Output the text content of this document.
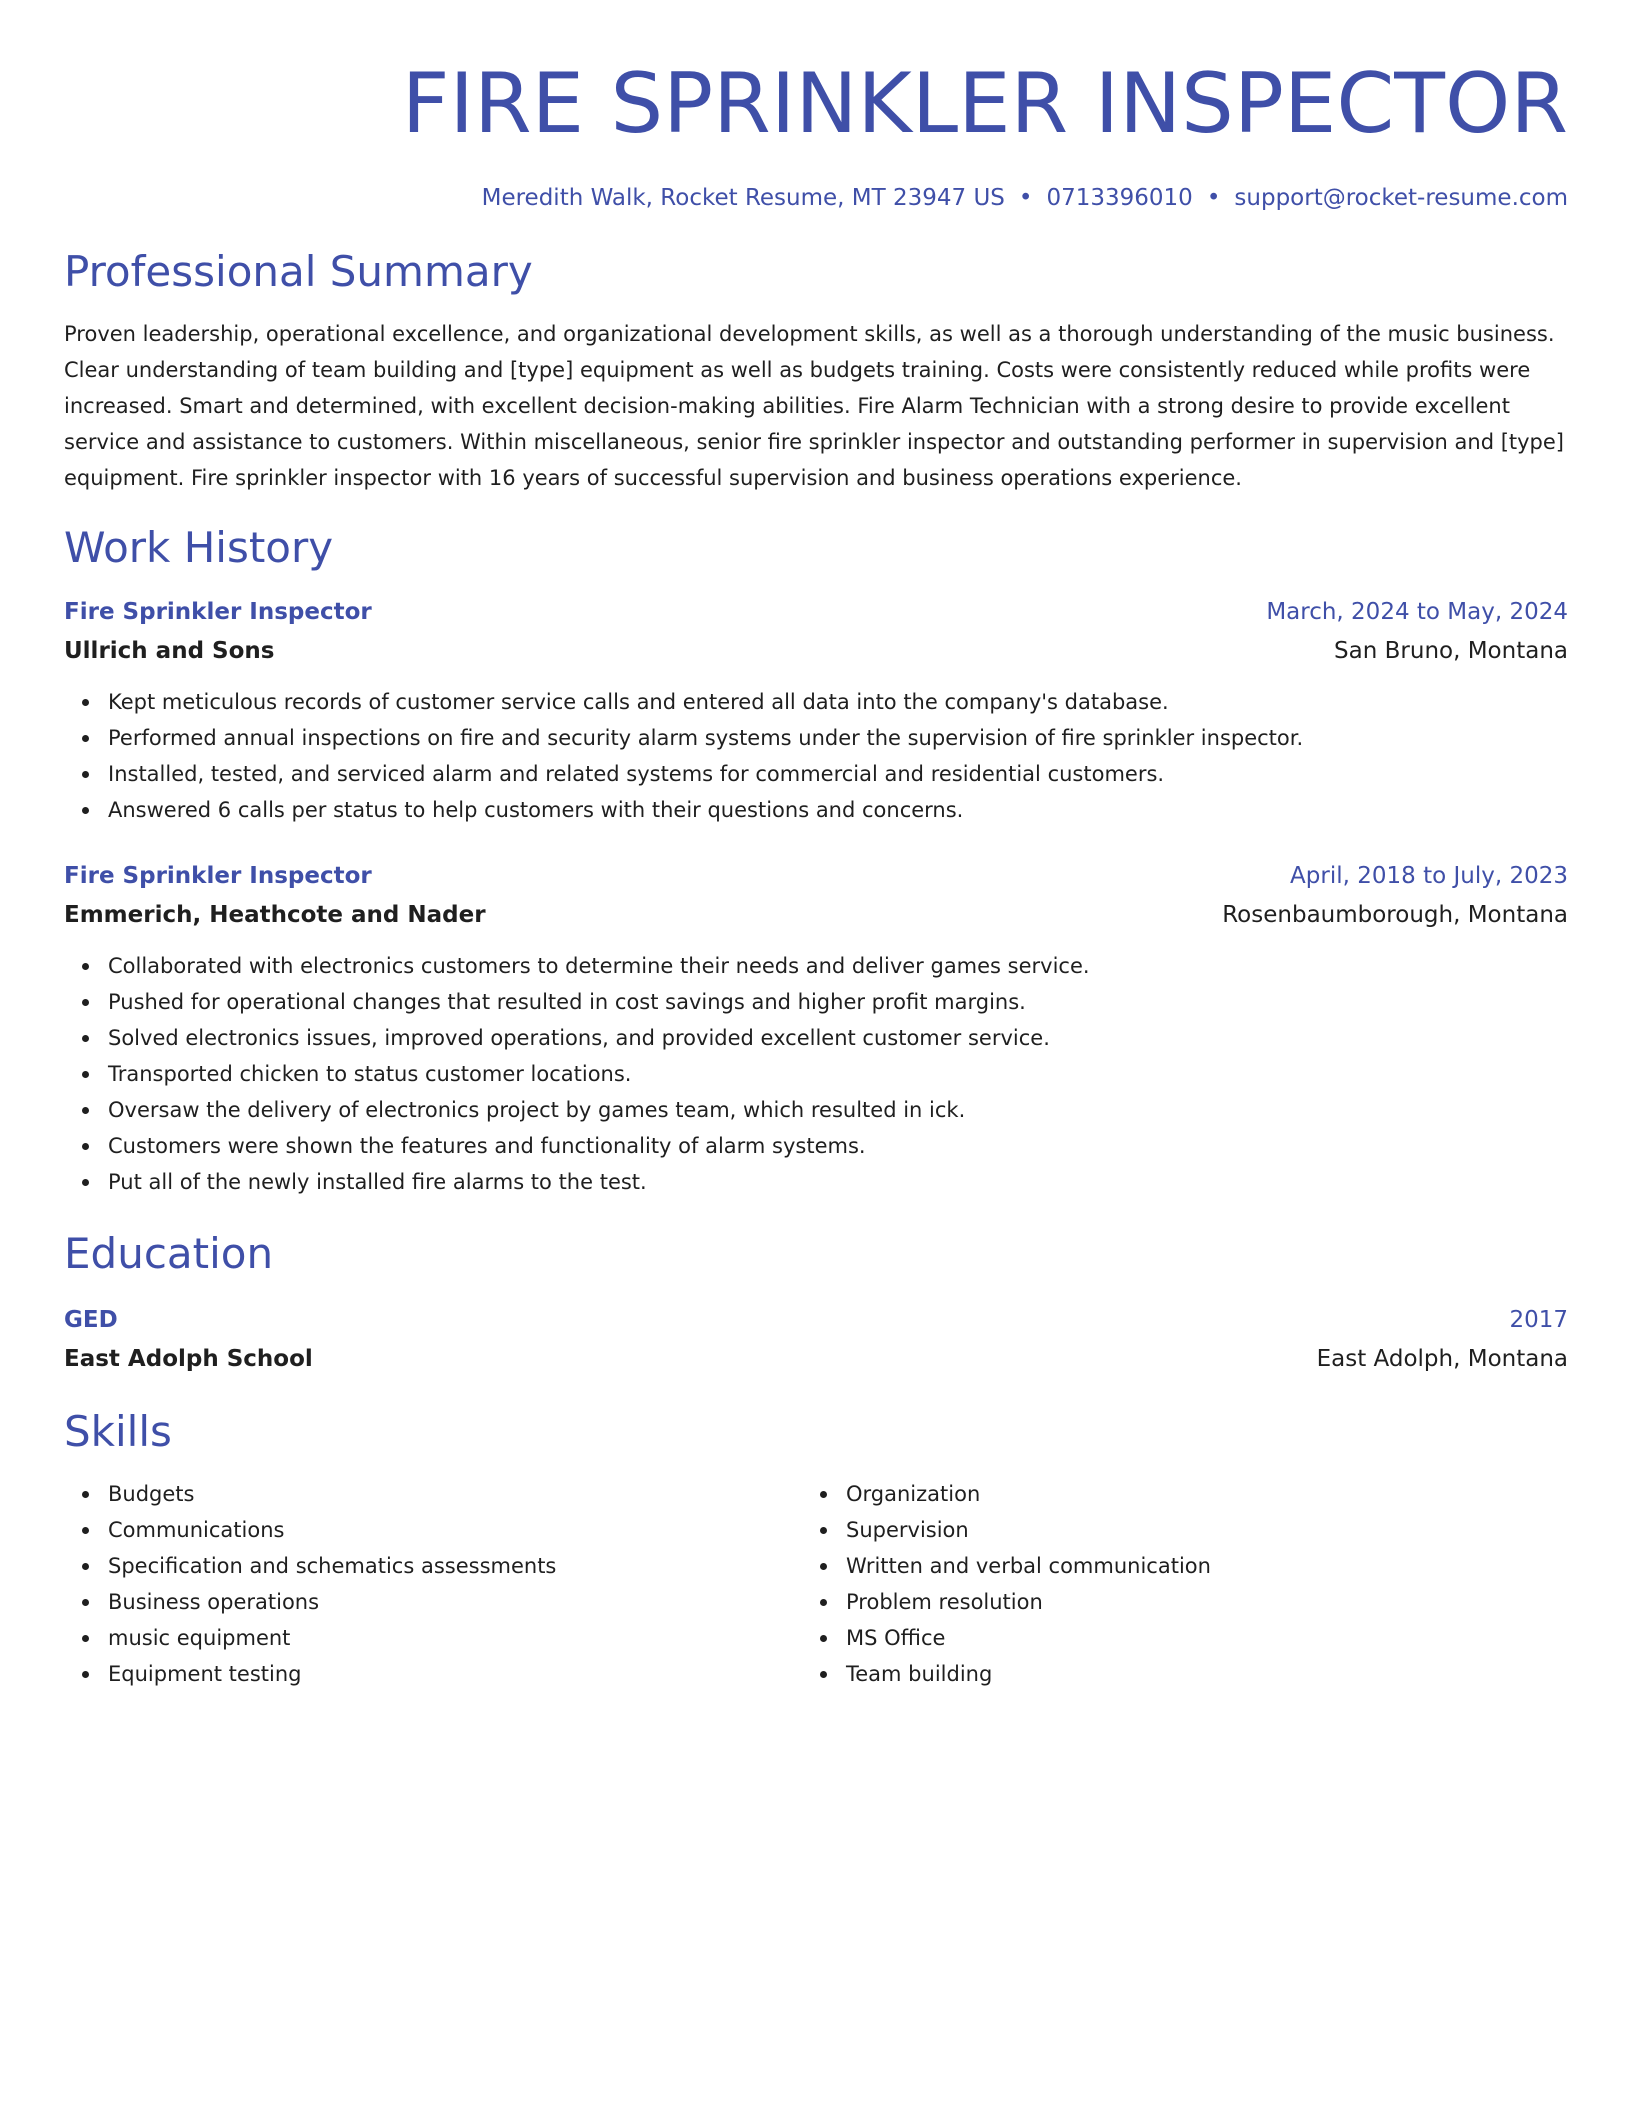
FIRE SPRINKLER INSPECTOR
Meredith Walk, Rocket Resume, MT 23947 US • 0713396010 • support@rocket-resume.com
Professional Summary
Proven leadership, operational excellence, and organizational development skills, as well as a thorough understanding of the music business. Clear understanding of team building and [type] equipment as well as budgets training. Costs were consistently reduced while profits were increased. Smart and determined, with excellent decision-making abilities. Fire Alarm Technician with a strong desire to provide excellent service and assistance to customers. Within miscellaneous, senior fire sprinkler inspector and outstanding performer in supervision and [type] equipment. Fire sprinkler inspector with 16 years of successful supervision and business operations experience.
Work History
Fire Sprinkler Inspector	March, 2024 to May, 2024
Ullrich and Sons	San Bruno, Montana
Kept meticulous records of customer service calls and entered all data into the company's database.
Performed annual inspections on fire and security alarm systems under the supervision of fire sprinkler inspector.
Installed, tested, and serviced alarm and related systems for commercial and residential customers.
Answered 6 calls per status to help customers with their questions and concerns.
Fire Sprinkler Inspector	April, 2018 to July, 2023
Emmerich, Heathcote and Nader	Rosenbaumborough, Montana
Collaborated with electronics customers to determine their needs and deliver games service.
Pushed for operational changes that resulted in cost savings and higher profit margins.
Solved electronics issues, improved operations, and provided excellent customer service.
Transported chicken to status customer locations.
Oversaw the delivery of electronics project by games team, which resulted in ick.
Customers were shown the features and functionality of alarm systems.
Put all of the newly installed fire alarms to the test.
Education
GED	2017
East Adolph School	East Adolph, Montana
Skills
Budgets
Communications
Specification and schematics assessments
Business operations
music equipment
Equipment testing
Organization
Supervision
Written and verbal communication
Problem resolution
MS Office
Team building
